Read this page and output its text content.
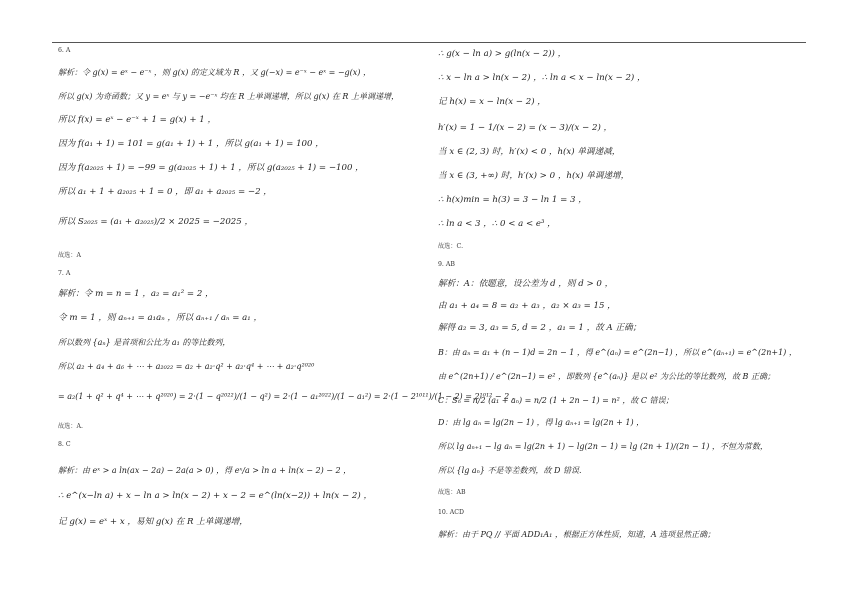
6. A
解析：令 g(x) = eˣ − e⁻ˣ ，则 g(x) 的定义域为 R ，又 g(−x) = e⁻ˣ − eˣ = −g(x) ，
所以 g(x) 为奇函数；又 y = eˣ 与 y = −e⁻ˣ 均在 R 上单调递增，所以 g(x) 在 R 上单调递增，
所以 f(x) = eˣ − e⁻ˣ + 1 = g(x) + 1 ，
因为 f(a₁ + 1) = 101 = g(a₁ + 1) + 1 ，所以 g(a₁ + 1) = 100 ，
因为 f(a₂₀₂₅ + 1) = −99 = g(a₂₀₂₅ + 1) + 1 ，所以 g(a₂₀₂₅ + 1) = −100 ，
所以 a₁ + 1 + a₂₀₂₅ + 1 = 0 ，即 a₁ + a₂₀₂₅ = −2 ，
所以 S₂₀₂₅ = (a₁ + a₂₀₂₅)/2 × 2025 = −2025 ，
故选：A
7. A
解析：令 m = n = 1 ，a₂ = a₁² = 2 ，
令 m = 1 ，则 aₙ₊₁ = a₁aₙ ，所以 aₙ₊₁ / aₙ = a₁ ，
所以数列 {aₙ} 是首项和公比为 a₁ 的等比数列，
所以 a₂ + a₄ + a₆ + ⋯ + a₂₀₂₂ = a₂ + a₂·q² + a₂·q⁴ + ⋯ + a₂·q²⁰²⁰
= a₂(1 + q² + q⁴ + ⋯ + q²⁰²⁰) = 2·(1 − q²⁰²²)/(1 − q²) = 2·(1 − a₁²⁰²²)/(1 − a₁²) = 2·(1 − 2¹⁰¹¹)/(1 − 2) = 2¹⁰¹² − 2 ，
故选：A.
8. C
解析：由 eˣ > a ln(ax − 2a) − 2a(a > 0) ，得 eˣ/a > ln a + ln(x − 2) − 2 ，
∴ e^(x−ln a) + x − ln a > ln(x − 2) + x − 2 = e^(ln(x−2)) + ln(x − 2) ，
记 g(x) = eˣ + x ，易知 g(x) 在 R 上单调递增，
∴ g(x − ln a) > g(ln(x − 2)) ，
∴ x − ln a > ln(x − 2) ，∴ ln a < x − ln(x − 2) ，
记 h(x) = x − ln(x − 2) ，
h′(x) = 1 − 1/(x − 2) = (x − 3)/(x − 2) ，
当 x ∈ (2, 3) 时，h′(x) < 0 ，h(x) 单调递减，
当 x ∈ (3, +∞) 时，h′(x) > 0 ，h(x) 单调递增，
∴ h(x)min = h(3) = 3 − ln 1 = 3 ，
∴ ln a < 3 ，∴ 0 < a < e³ ，
故选：C.
9. AB
解析：A：依题意，设公差为 d ，则 d > 0 ，
由 a₁ + a₄ = 8 = a₂ + a₃ ，a₂ × a₃ = 15 ，
解得 a₂ = 3, a₃ = 5, d = 2 ，a₁ = 1 ，故 A 正确；
B：由 aₙ = a₁ + (n − 1)d = 2n − 1 ，得 e^(aₙ) = e^(2n−1) ，所以 e^(aₙ₊₁) = e^(2n+1) ，
由 e^(2n+1) / e^(2n−1) = e² ，即数列 {e^(aₙ)} 是以 e² 为公比的等比数列，故 B 正确；
C：Sₙ = n/2 (a₁ + aₙ) = n/2 (1 + 2n − 1) = n² ，故 C 错误；
D：由 lg aₙ = lg(2n − 1) ，得 lg aₙ₊₁ = lg(2n + 1) ，
所以 lg aₙ₊₁ − lg aₙ = lg(2n + 1) − lg(2n − 1) = lg (2n + 1)/(2n − 1) ，不恒为常数，
所以 {lg aₙ} 不是等差数列，故 D 错误.
故选：AB
10. ACD
解析：由于 PQ // 平面 ADD₁A₁ ，根据正方体性质，知道，A 选项显然正确；
